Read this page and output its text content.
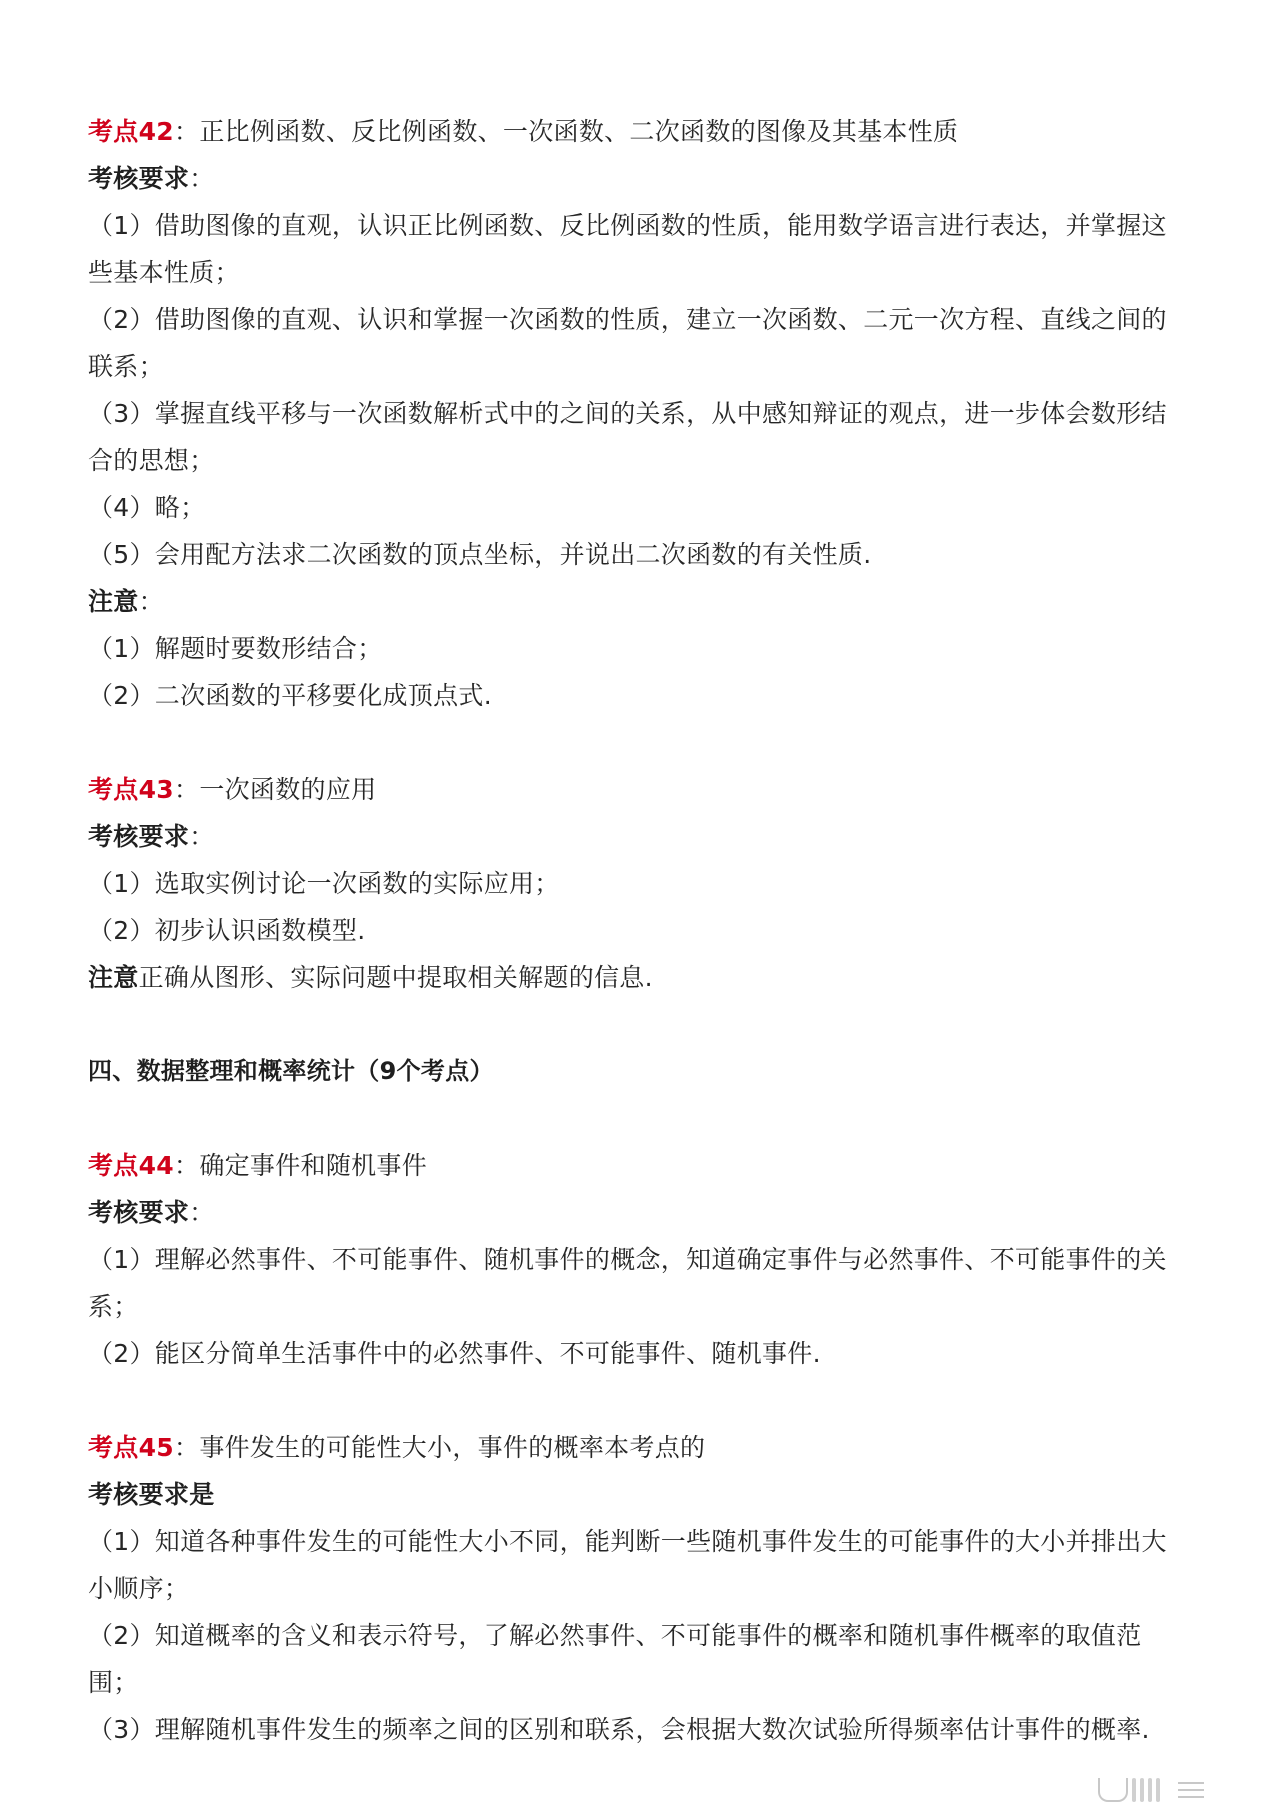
考点42：正比例函数、反比例函数、一次函数、二次函数的图像及其基本性质
考核要求：
（1）借助图像的直观，认识正比例函数、反比例函数的性质，能用数学语言进行表达，并掌握这
些基本性质；
（2）借助图像的直观、认识和掌握一次函数的性质，建立一次函数、二元一次方程、直线之间的
联系；
（3）掌握直线平移与一次函数解析式中的之间的关系，从中感知辩证的观点，进一步体会数形结
合的思想；
（4）略；
（5）会用配方法求二次函数的顶点坐标，并说出二次函数的有关性质.
注意：
（1）解题时要数形结合；
（2）二次函数的平移要化成顶点式.
考点43：一次函数的应用
考核要求：
（1）选取实例讨论一次函数的实际应用；
（2）初步认识函数模型.
注意正确从图形、实际问题中提取相关解题的信息.
四、数据整理和概率统计（9个考点）
考点44：确定事件和随机事件
考核要求：
（1）理解必然事件、不可能事件、随机事件的概念，知道确定事件与必然事件、不可能事件的关
系；
（2）能区分简单生活事件中的必然事件、不可能事件、随机事件.
考点45：事件发生的可能性大小，事件的概率本考点的
考核要求是
（1）知道各种事件发生的可能性大小不同，能判断一些随机事件发生的可能事件的大小并排出大
小顺序；
（2）知道概率的含义和表示符号，了解必然事件、不可能事件的概率和随机事件概率的取值范
围；
（3）理解随机事件发生的频率之间的区别和联系，会根据大数次试验所得频率估计事件的概率.
